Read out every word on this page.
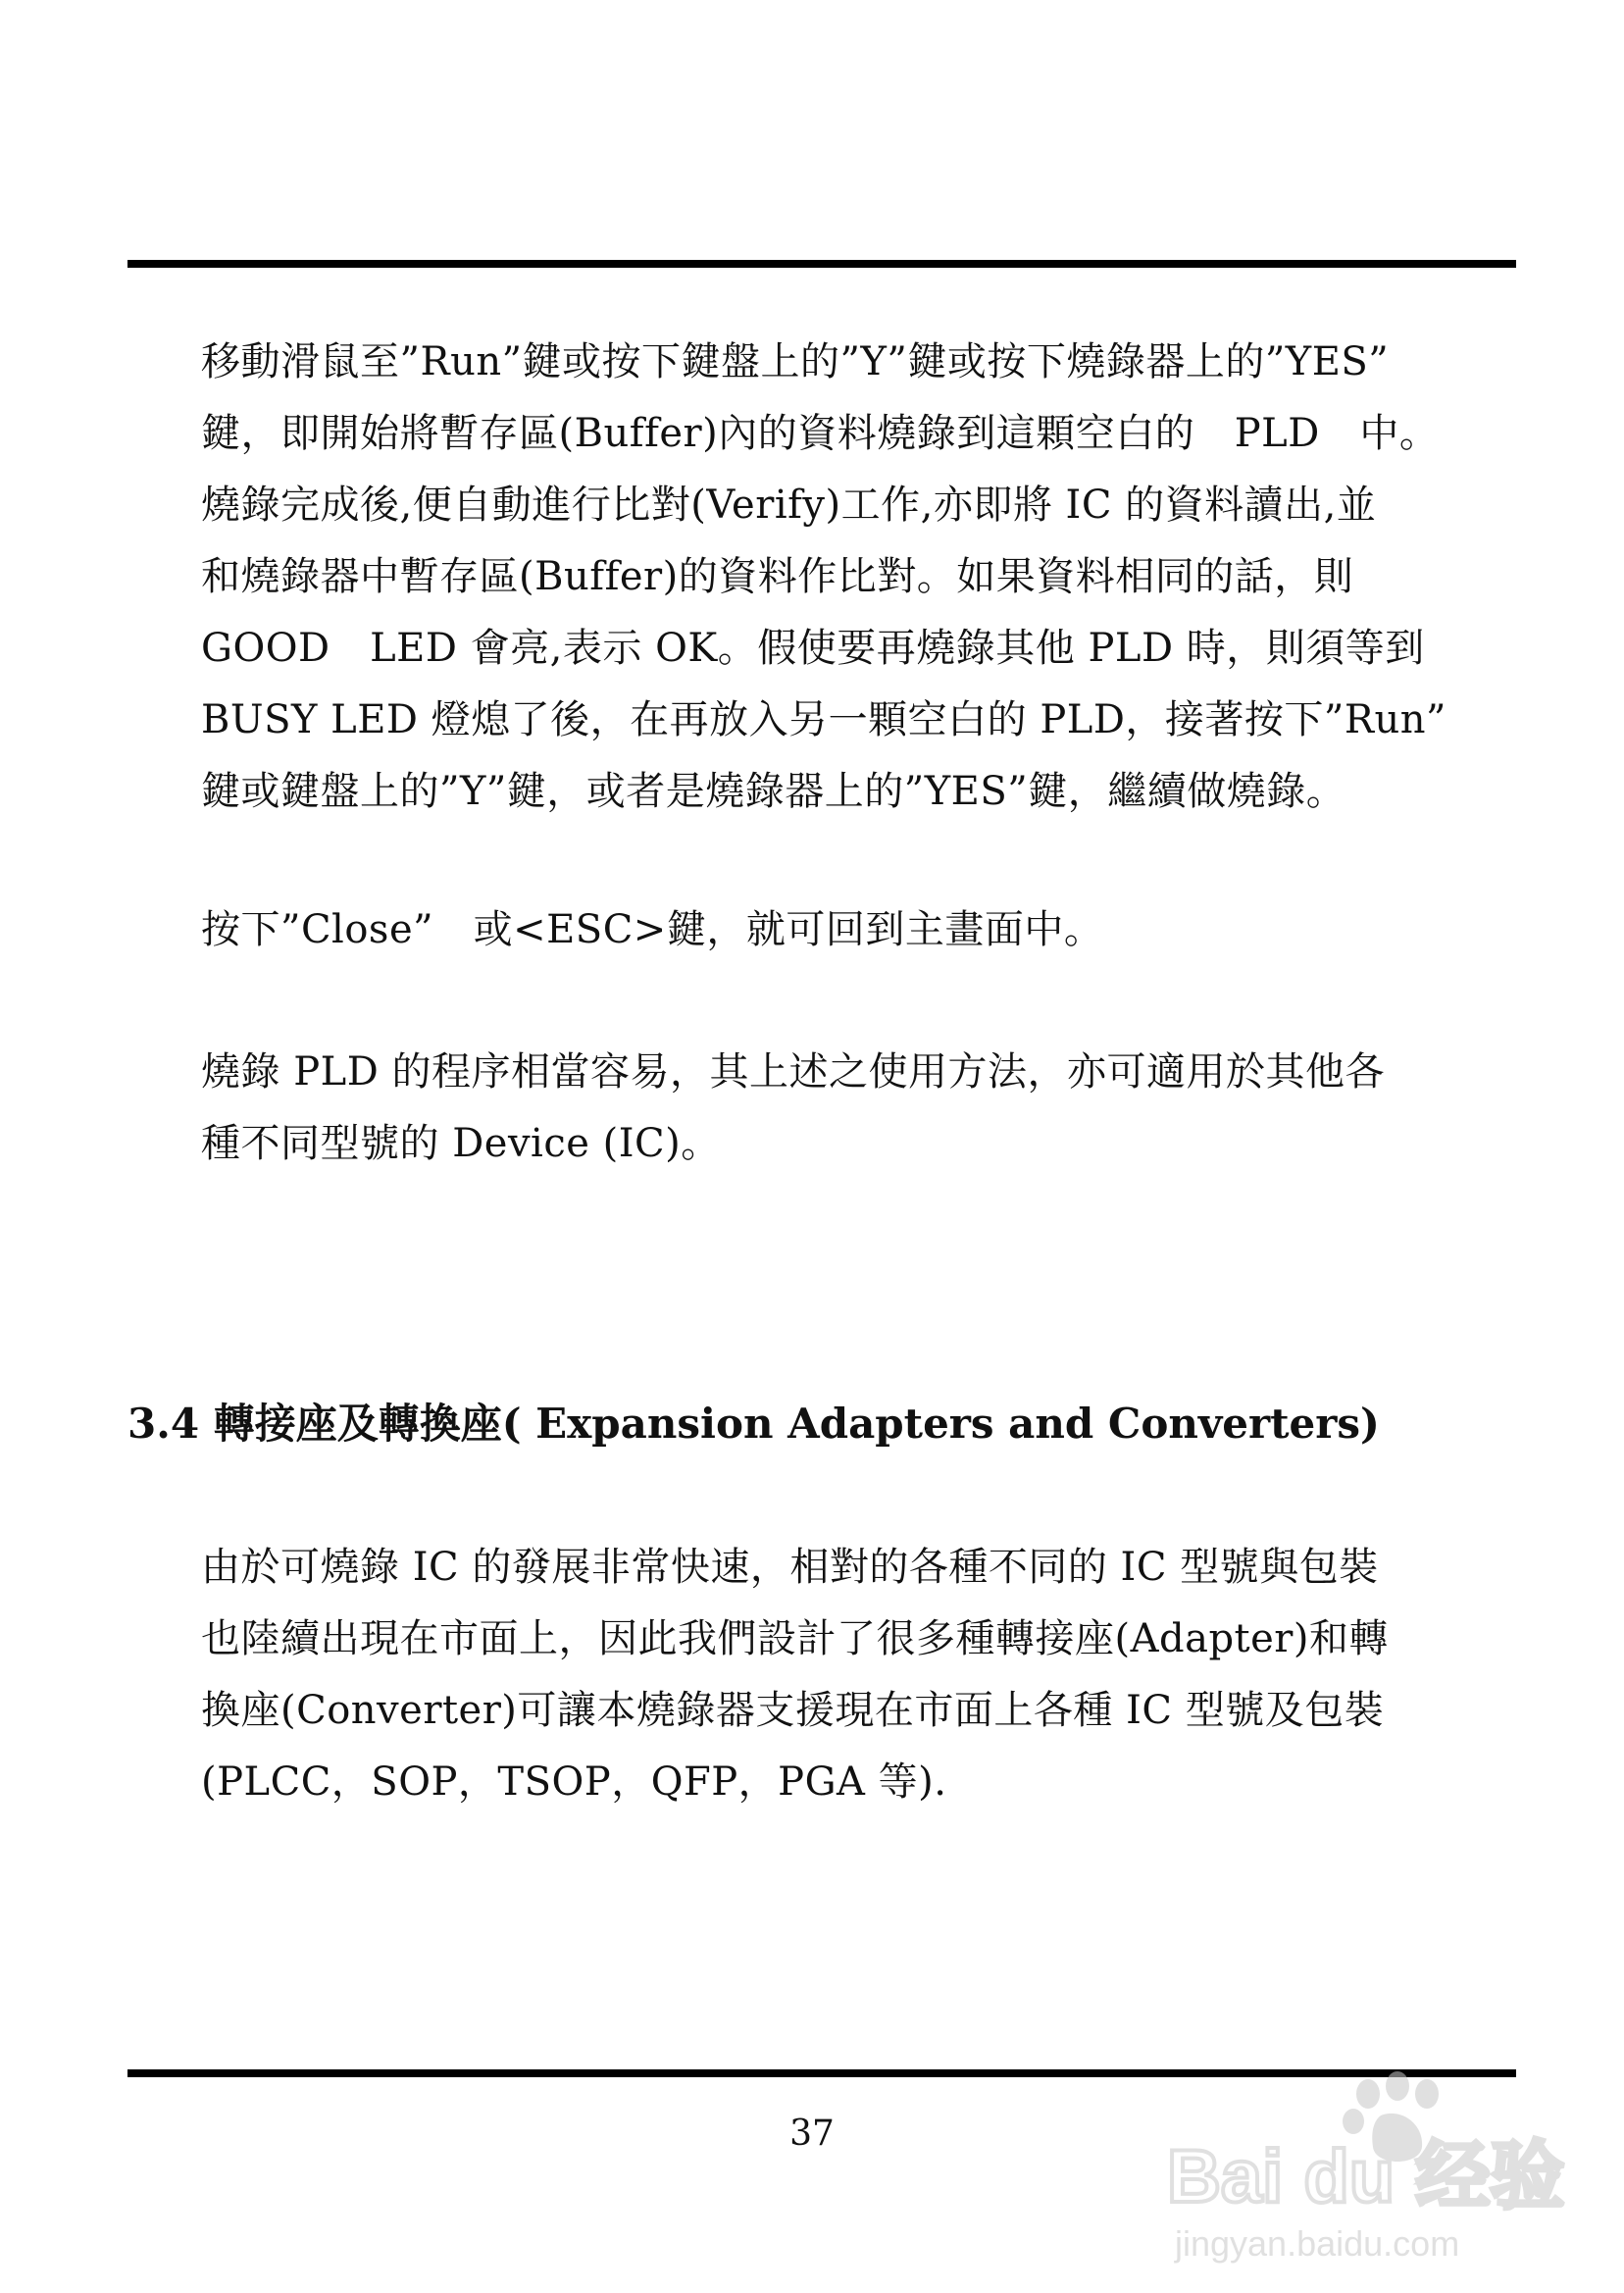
移動滑鼠至”Run”鍵或按下鍵盤上的”Y”鍵或按下燒錄器上的”YES”
鍵，即開始將暫存區(Buffer)內的資料燒錄到這顆空白的　PLD　中。
燒錄完成後,便自動進行比對(Verify)工作,亦即將 IC 的資料讀出,並
和燒錄器中暫存區(Buffer)的資料作比對。如果資料相同的話，則
GOOD　LED 會亮,表示 OK。假使要再燒錄其他 PLD 時，則須等到
BUSY LED 燈熄了後，在再放入另一顆空白的 PLD，接著按下”Run”
鍵或鍵盤上的”Y”鍵，或者是燒錄器上的”YES”鍵，繼續做燒錄。
按下”Close”　或<ESC>鍵，就可回到主畫面中。
燒錄 PLD 的程序相當容易，其上述之使用方法，亦可適用於其他各
種不同型號的 Device (IC)。
3.4 轉接座及轉換座( Expansion Adapters and Converters)
由於可燒錄 IC 的發展非常快速，相對的各種不同的 IC 型號與包裝
也陸續出現在市面上，因此我們設計了很多種轉接座(Adapter)和轉
換座(Converter)可讓本燒錄器支援現在市面上各種 IC 型號及包裝
(PLCC，SOP，TSOP，QFP，PGA 等).
37
Bai du 经验
jingyan.baidu.com
